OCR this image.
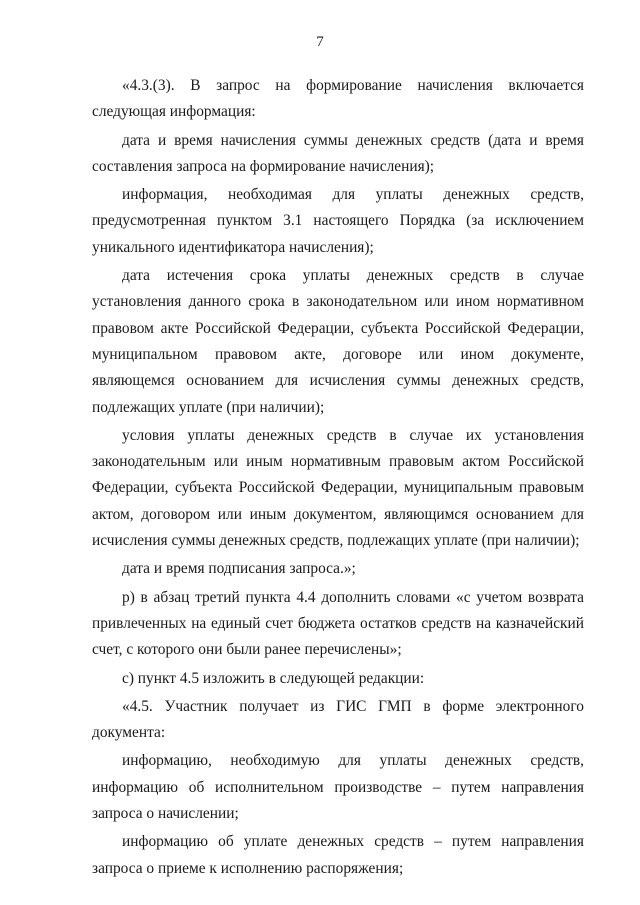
7

«4.3.(3). В запрос на формирование начисления включается следующая информация:

дата и время начисления суммы денежных средств (дата и время составления запроса на формирование начисления);

информация, необходимая для уплаты денежных средств, предусмотренная пунктом 3.1 настоящего Порядка (за исключением уникального идентификатора начисления);

дата истечения срока уплаты денежных средств в случае установления данного срока в законодательном или ином нормативном правовом акте Российской Федерации, субъекта Российской Федерации, муниципальном правовом акте, договоре или ином документе, являющемся основанием для исчисления суммы денежных средств, подлежащих уплате (при наличии);

условия уплаты денежных средств в случае их установления законодательным или иным нормативным правовым актом Российской Федерации, субъекта Российской Федерации, муниципальным правовым актом, договором или иным документом, являющимся основанием для исчисления суммы денежных средств, подлежащих уплате (при наличии);

дата и время подписания запроса.»;

р) в абзац третий пункта 4.4 дополнить словами «с учетом возврата привлеченных на единый счет бюджета остатков средств на казначейский счет, с которого они были ранее перечислены»;

с) пункт 4.5 изложить в следующей редакции:

«4.5. Участник получает из ГИС ГМП в форме электронного документа:

информацию, необходимую для уплаты денежных средств, информацию об исполнительном производстве – путем направления запроса о начислении;

информацию об уплате денежных средств – путем направления запроса о приеме к исполнению распоряжения;
